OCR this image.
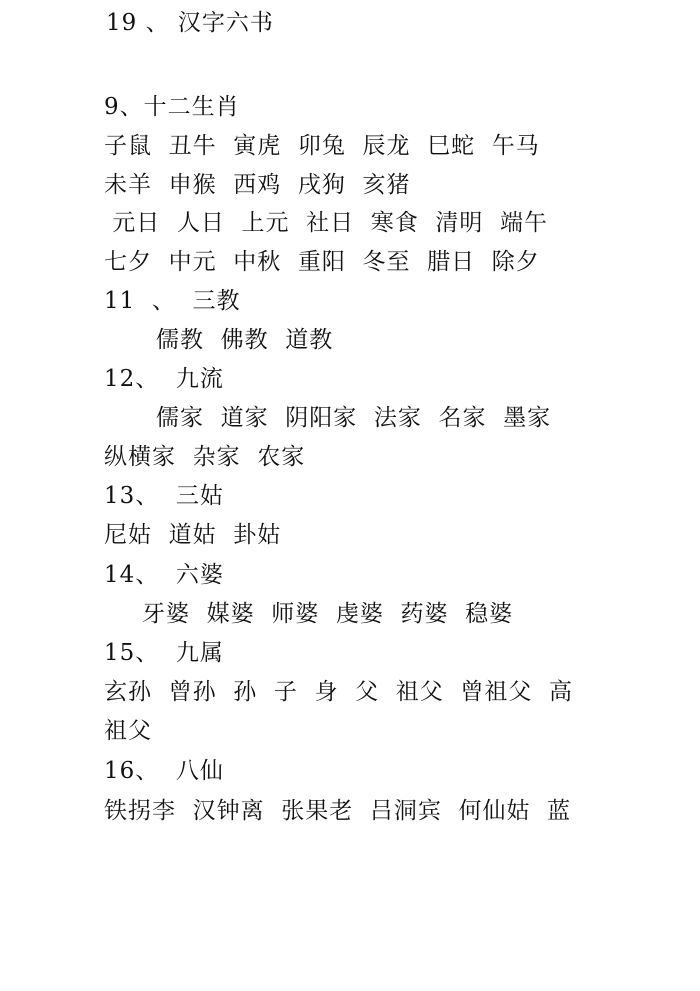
19 、 汉字六书
9、十二生肖
子鼠  丑牛  寅虎  卯兔  辰龙  巳蛇  午马
未羊  申猴  西鸡  戌狗  亥猪
元日  人日  上元  社日  寒食  清明  端午
七夕  中元  中秋  重阳  冬至  腊日  除夕
11  、  三教
儒教  佛教  道教
12、  九流
儒家  道家  阴阳家  法家  名家  墨家
纵横家  杂家  农家
13、  三姑
尼姑  道姑  卦姑
14、  六婆
牙婆  媒婆  师婆  虔婆  药婆  稳婆
15、  九属
玄孙  曾孙  孙  子  身  父  祖父  曾祖父  高
祖父
16、  八仙
铁拐李  汉钟离  张果老  吕洞宾  何仙姑  蓝
